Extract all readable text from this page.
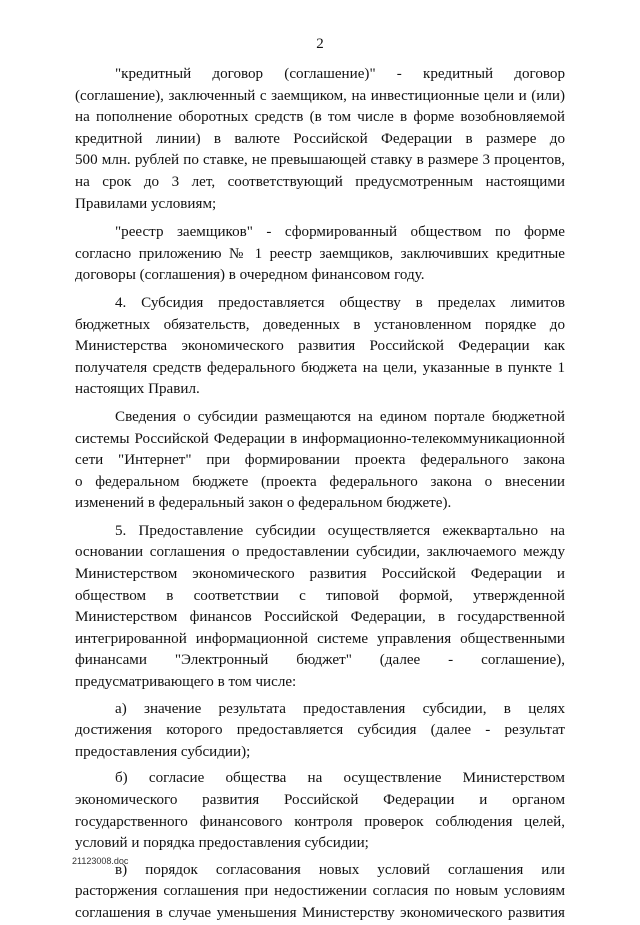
2

"кредитный договор (соглашение)" - кредитный договор
(соглашение), заключенный с заемщиком, на инвестиционные цели и (или)
на пополнение оборотных средств (в том числе в форме возобновляемой
кредитной линии) в валюте Российской Федерации в размере до
500 млн. рублей по ставке, не превышающей ставку в размере 3 процентов,
на срок до 3 лет, соответствующий предусмотренным настоящими
Правилами условиям;

"реестр заемщиков" - сформированный обществом по форме
согласно приложению № 1 реестр заемщиков, заключивших кредитные
договоры (соглашения) в очередном финансовом году.

4. Субсидия предоставляется обществу в пределах лимитов
бюджетных обязательств, доведенных в установленном порядке до
Министерства экономического развития Российской Федерации как
получателя средств федерального бюджета на цели, указанные в пункте 1
настоящих Правил.

Сведения о субсидии размещаются на едином портале бюджетной
системы Российской Федерации в информационно-телекоммуникационной
сети "Интернет" при формировании проекта федерального закона
о федеральном бюджете (проекта федерального закона о внесении
изменений в федеральный закон о федеральном бюджете).

5. Предоставление субсидии осуществляется ежеквартально на
основании соглашения о предоставлении субсидии, заключаемого между
Министерством экономического развития Российской Федерации и
обществом в соответствии с типовой формой, утвержденной
Министерством финансов Российской Федерации, в государственной
интегрированной информационной системе управления общественными
финансами "Электронный бюджет" (далее - соглашение),
предусматривающего в том числе:

а) значение результата предоставления субсидии, в целях
достижения которого предоставляется субсидия (далее - результат
предоставления субсидии);

б) согласие общества на осуществление Министерством
экономического развития Российской Федерации и органом
государственного финансового контроля проверок соблюдения целей,
условий и порядка предоставления субсидии;

в) порядок согласования новых условий соглашения или
расторжения соглашения при недостижении согласия по новым условиям
соглашения в случае уменьшения Министерству экономического развития

21123008.doc
